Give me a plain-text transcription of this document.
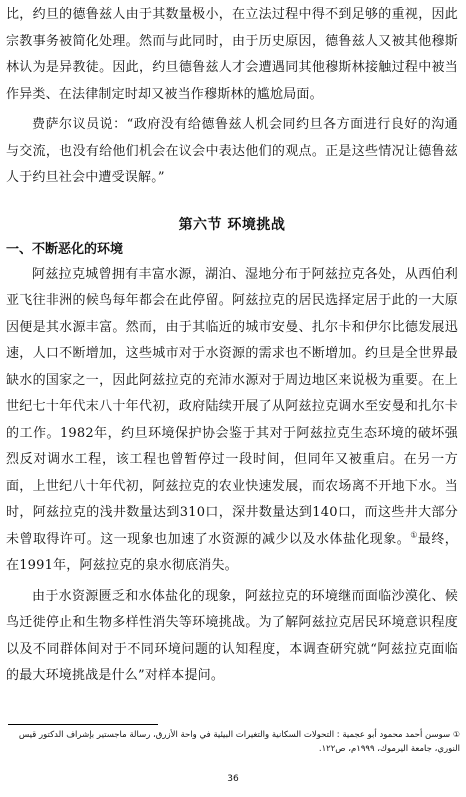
比，约旦的德鲁兹人由于其数量极小，在立法过程中得不到足够的重视，因此宗教事务被简化处理。然而与此同时，由于历史原因，德鲁兹人又被其他穆斯林认为是异教徒。因此，约旦德鲁兹人才会遭遇同其他穆斯林接触过程中被当作异类、在法律制定时却又被当作穆斯林的尴尬局面。

费萨尔议员说：“政府没有给德鲁兹人机会同约旦各方面进行良好的沟通与交流，也没有给他们机会在议会中表达他们的观点。正是这些情况让德鲁兹人于约旦社会中遭受误解。”

第六节 环境挑战
一、不断恶化的环境

阿兹拉克城曾拥有丰富水源，湖泊、湿地分布于阿兹拉克各处，从西伯利亚飞往非洲的候鸟每年都会在此停留。阿兹拉克的居民选择定居于此的一大原因便是其水源丰富。然而，由于其临近的城市安曼、扎尔卡和伊尔比德发展迅速，人口不断增加，这些城市对于水资源的需求也不断增加。约旦是全世界最缺水的国家之一，因此阿兹拉克的充沛水源对于周边地区来说极为重要。在上世纪七十年代末八十年代初，政府陆续开展了从阿兹拉克调水至安曼和扎尔卡的工作。1982年，约旦环境保护协会鉴于其对于阿兹拉克生态环境的破坏强烈反对调水工程，该工程也曾暂停过一段时间，但同年又被重启。在另一方面，上世纪八十年代初，阿兹拉克的农业快速发展，而农场离不开地下水。当时，阿兹拉克的浅井数量达到310口，深井数量达到140口，而这些井大部分未曾取得许可。这一现象也加速了水资源的减少以及水体盐化现象。①最终，在1991年，阿兹拉克的泉水彻底消失。

由于水资源匮乏和水体盐化的现象，阿兹拉克的环境继而面临沙漠化、候鸟迁徙停止和生物多样性消失等环境挑战。为了解阿兹拉克居民环境意识程度以及不同群体间对于不同环境问题的认知程度，本调查研究就“阿兹拉克面临的最大环境挑战是什么”对样本提问。

① سوسن أحمد محمود أبو عجمية : التحولات السكانية والتغيرات البيئية في واحة الأزرق، رسالة ماجستير بإشراف الدكتور قيس النوري، جامعة اليرموك، ١٩٩٩م، ص١٢٢.
36
